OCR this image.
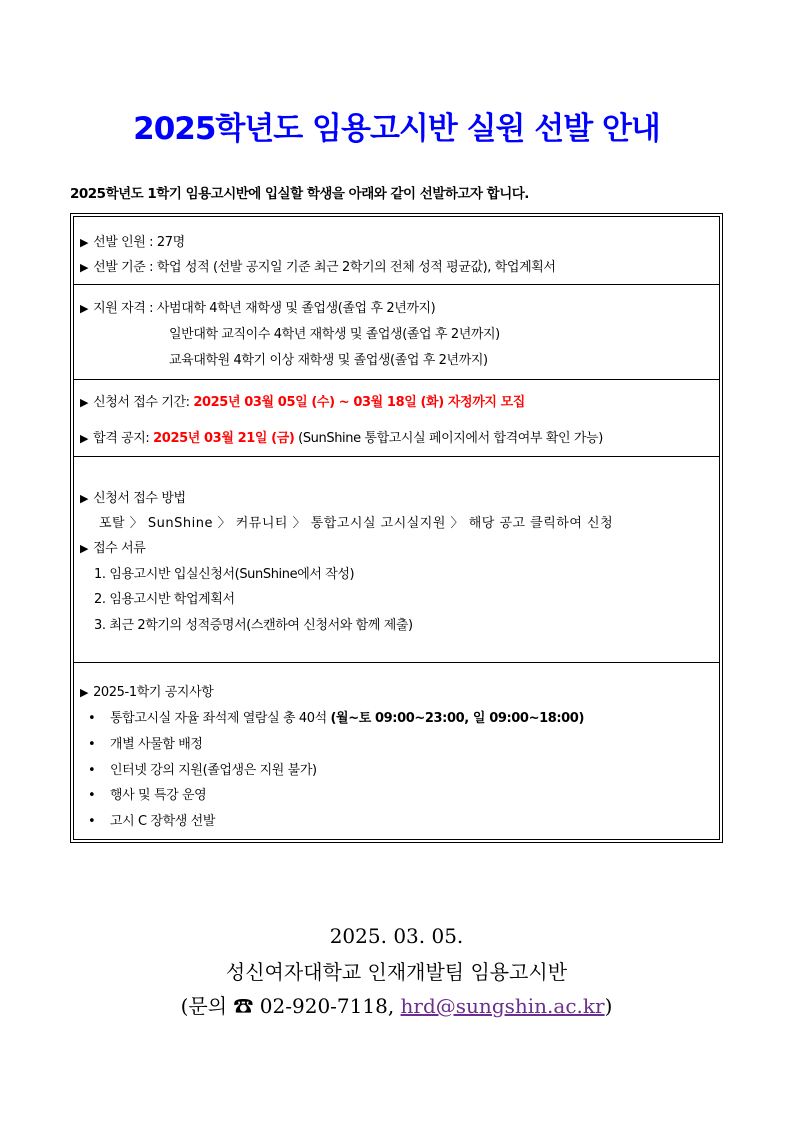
2025학년도 임용고시반 실원 선발 안내
2025학년도 1학기 임용고시반에 입실할 학생을 아래와 같이 선발하고자 합니다.
▶ 선발 인원 : 27명
▶ 선발 기준 : 학업 성적 (선발 공지일 기준 최근 2학기의 전체 성적 평균값), 학업계획서
▶ 지원 자격 : 사범대학 4학년 재학생 및 졸업생(졸업 후 2년까지)
일반대학 교직이수 4학년 재학생 및 졸업생(졸업 후 2년까지)
교육대학원 4학기 이상 재학생 및 졸업생(졸업 후 2년까지)
▶ 신청서 접수 기간: 2025년 03월 05일 (수) ~ 03월 18일 (화) 자정까지 모집
▶ 합격 공지: 2025년 03월 21일 (금) (SunShine 통합고시실 페이지에서 합격여부 확인 가능)
▶ 신청서 접수 방법
포탈 〉 SunShine 〉 커뮤니티 〉 통합고시실 고시실지원 〉 해당 공고 클릭하여 신청
▶ 접수 서류
1. 임용고시반 입실신청서(SunShine에서 작성)
2. 임용고시반 학업계획서
3. 최근 2학기의 성적증명서(스캔하여 신청서와 함께 제출)
▶ 2025-1학기 공지사항
• 통합고시실 자율 좌석제 열람실 총 40석 (월~토 09:00~23:00, 일 09:00~18:00)
• 개별 사물함 배정
• 인터넷 강의 지원(졸업생은 지원 불가)
• 행사 및 특강 운영
• 고시 C 장학생 선발
2025. 03. 05.
성신여자대학교 인재개발팀 임용고시반
(문의 ☎ 02-920-7118, hrd@sungshin.ac.kr)
